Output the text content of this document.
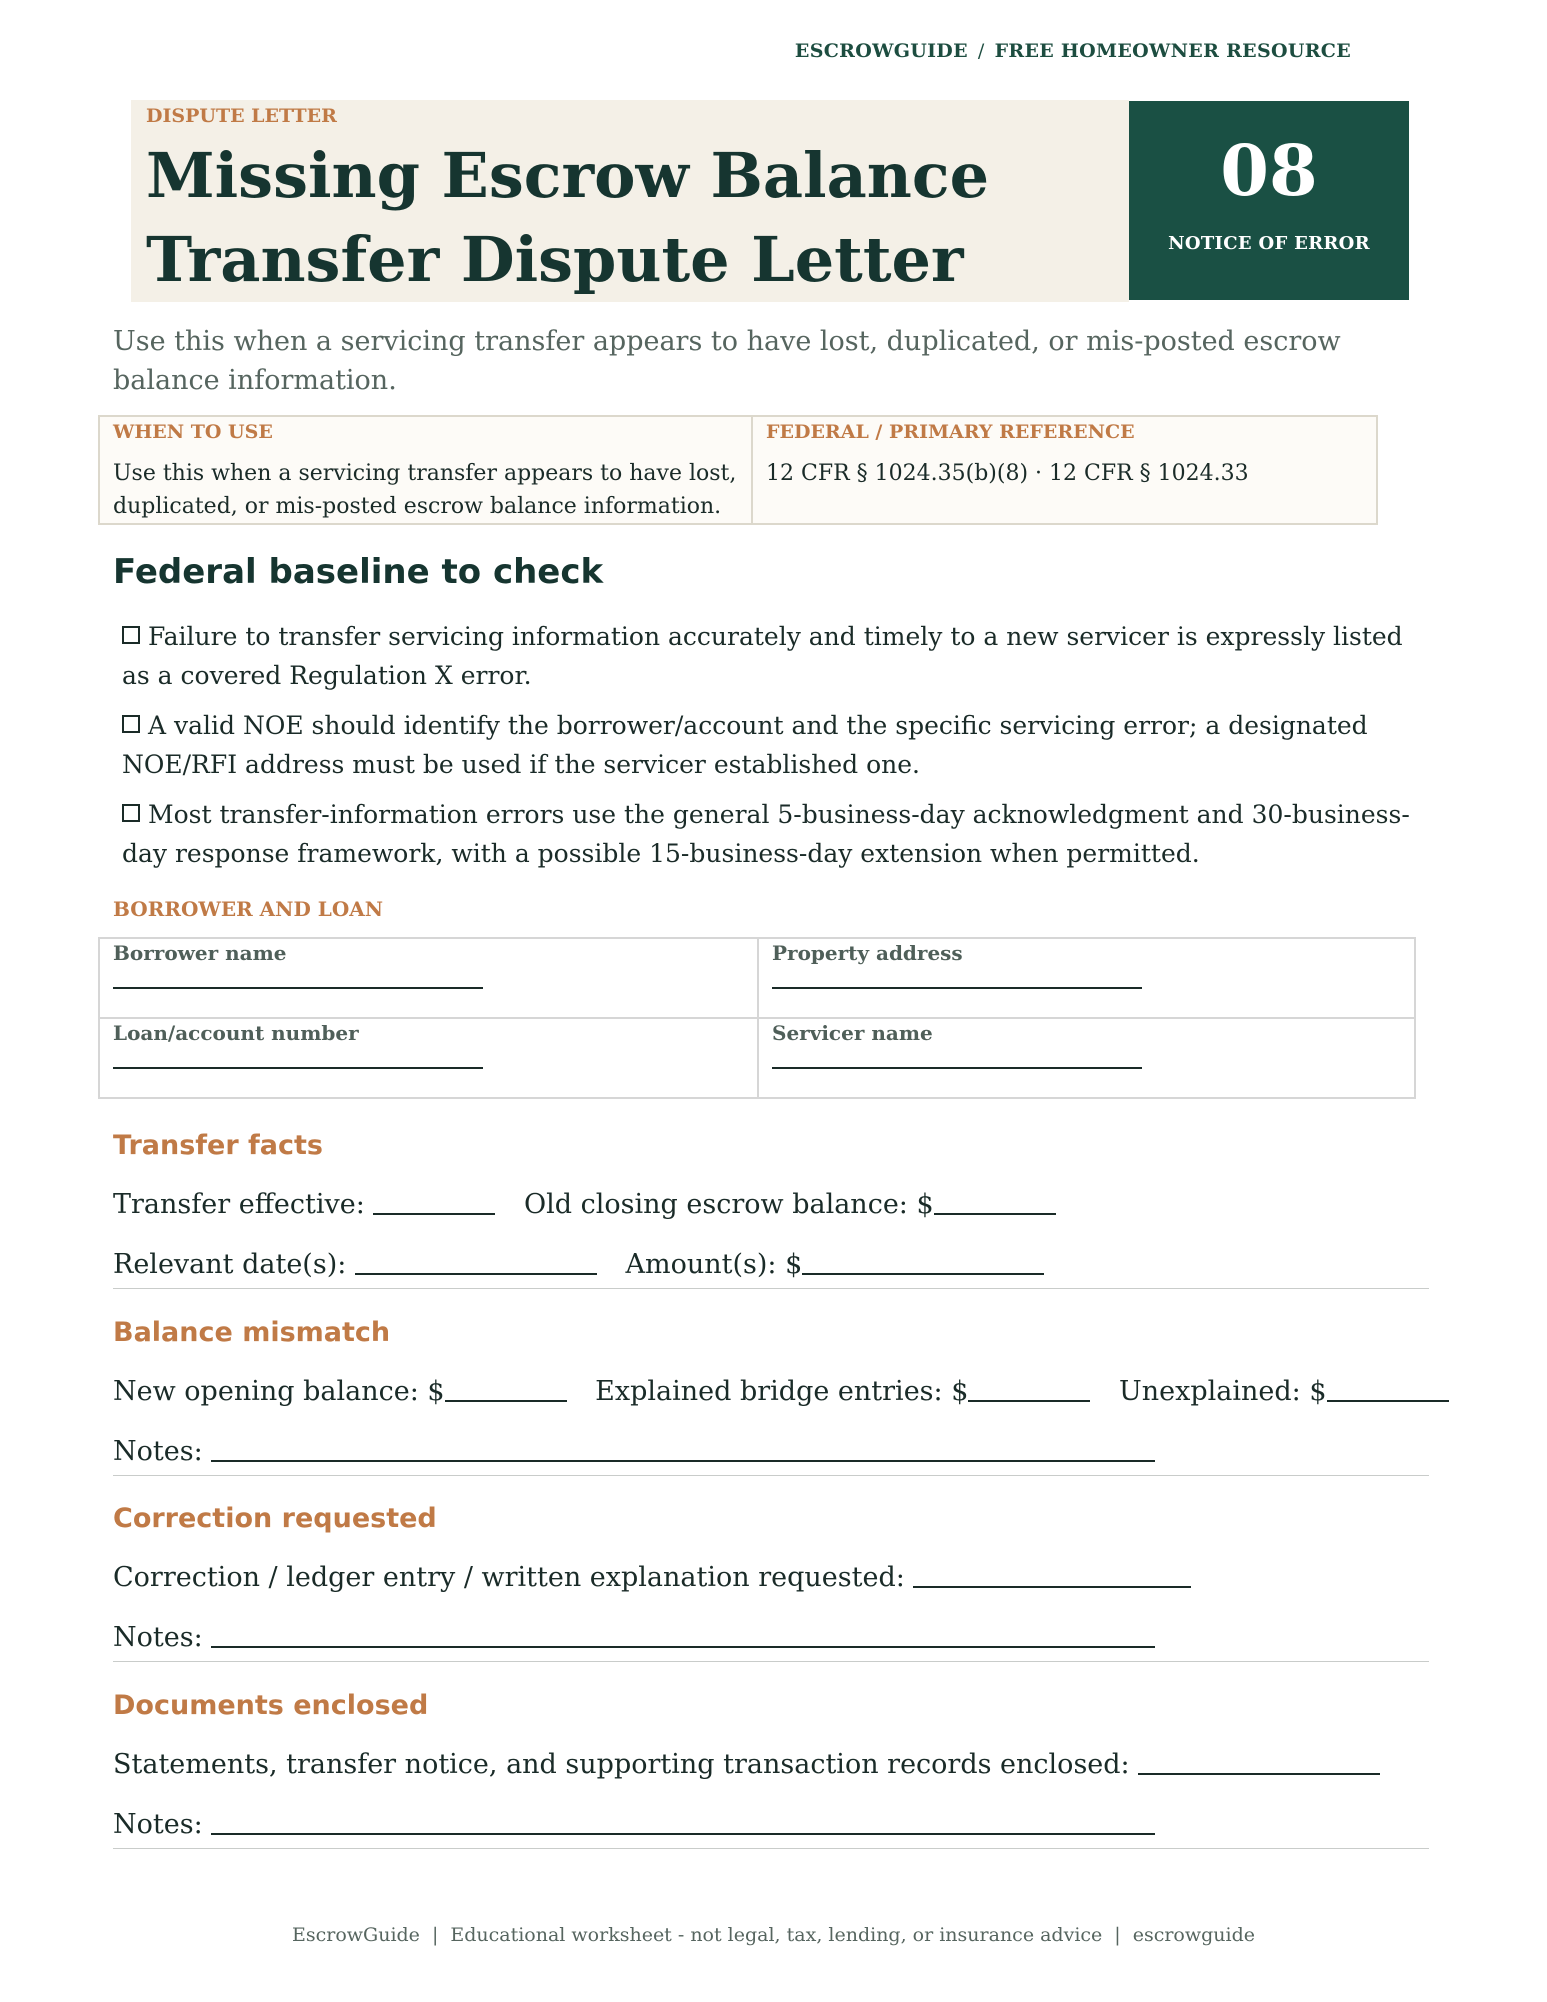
ESCROWGUIDE / FREE HOMEOWNER RESOURCE
DISPUTE LETTER
Missing Escrow Balance Transfer Dispute Letter
08
NOTICE OF ERROR
Use this when a servicing transfer appears to have lost, duplicated, or mis-posted escrow balance information.
WHEN TO USE
Use this when a servicing transfer appears to have lost, duplicated, or mis-posted escrow balance information.
FEDERAL / PRIMARY REFERENCE
12 CFR § 1024.35(b)(8) · 12 CFR § 1024.33
Federal baseline to check
Failure to transfer servicing information accurately and timely to a new servicer is expressly listed as a covered Regulation X error.
A valid NOE should identify the borrower/account and the specific servicing error; a designated NOE/RFI address must be used if the servicer established one.
Most transfer-information errors use the general 5-business-day acknowledgment and 30-business-day response framework, with a possible 15-business-day extension when permitted.
BORROWER AND LOAN
Borrower name	Property address
Loan/account number	Servicer name
Transfer facts
Transfer effective:	Old closing escrow balance: $
Relevant date(s):	Amount(s): $
Balance mismatch
New opening balance: $	Explained bridge entries: $	Unexplained: $
Notes:
Correction requested
Correction / ledger entry / written explanation requested:
Notes:
Documents enclosed
Statements, transfer notice, and supporting transaction records enclosed:
Notes:
EscrowGuide | Educational worksheet - not legal, tax, lending, or insurance advice | escrowguide
